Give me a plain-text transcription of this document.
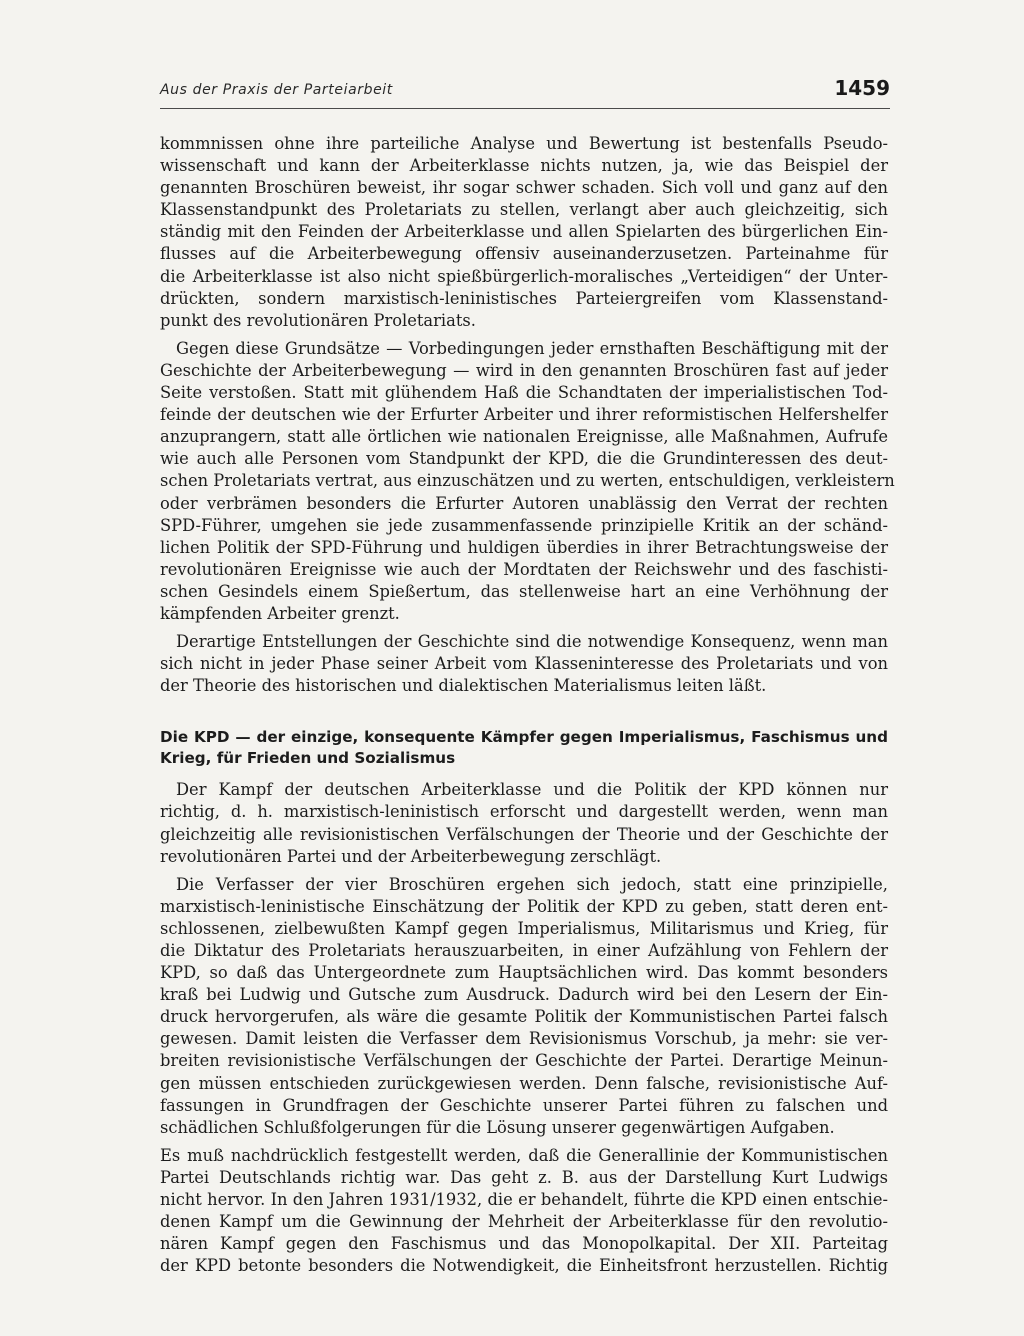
Aus der Praxis der Parteiarbeit	1459

kommnissen ohne ihre parteiliche Analyse und Bewertung ist bestenfalls Pseudo-
wissenschaft und kann der Arbeiterklasse nichts nutzen, ja, wie das Beispiel der
genannten Broschüren beweist, ihr sogar schwer schaden. Sich voll und ganz auf den
Klassenstandpunkt des Proletariats zu stellen, verlangt aber auch gleichzeitig, sich
ständig mit den Feinden der Arbeiterklasse und allen Spielarten des bürgerlichen Ein-
flusses auf die Arbeiterbewegung offensiv auseinanderzusetzen. Parteinahme für
die Arbeiterklasse ist also nicht spießbürgerlich-moralisches „Verteidigen“ der Unter-
drückten, sondern marxistisch-leninistisches Parteiergreifen vom Klassenstand-
punkt des revolutionären Proletariats.

Gegen diese Grundsätze — Vorbedingungen jeder ernsthaften Beschäftigung mit der
Geschichte der Arbeiterbewegung — wird in den genannten Broschüren fast auf jeder
Seite verstoßen. Statt mit glühendem Haß die Schandtaten der imperialistischen Tod-
feinde der deutschen wie der Erfurter Arbeiter und ihrer reformistischen Helfershelfer
anzuprangern, statt alle örtlichen wie nationalen Ereignisse, alle Maßnahmen, Aufrufe
wie auch alle Personen vom Standpunkt der KPD, die die Grundinteressen des deut-
schen Proletariats vertrat, aus einzuschätzen und zu werten, entschuldigen, verkleistern
oder verbrämen besonders die Erfurter Autoren unablässig den Verrat der rechten
SPD-Führer, umgehen sie jede zusammenfassende prinzipielle Kritik an der schänd-
lichen Politik der SPD-Führung und huldigen überdies in ihrer Betrachtungsweise der
revolutionären Ereignisse wie auch der Mordtaten der Reichswehr und des faschisti-
schen Gesindels einem Spießertum, das stellenweise hart an eine Verhöhnung der
kämpfenden Arbeiter grenzt.

Derartige Entstellungen der Geschichte sind die notwendige Konsequenz, wenn man
sich nicht in jeder Phase seiner Arbeit vom Klasseninteresse des Proletariats und von
der Theorie des historischen und dialektischen Materialismus leiten läßt.

Die KPD — der einzige, konsequente Kämpfer gegen Imperialismus, Faschismus und
Krieg, für Frieden und Sozialismus

Der Kampf der deutschen Arbeiterklasse und die Politik der KPD können nur
richtig, d. h. marxistisch-leninistisch erforscht und dargestellt werden, wenn man
gleichzeitig alle revisionistischen Verfälschungen der Theorie und der Geschichte der
revolutionären Partei und der Arbeiterbewegung zerschlägt.

Die Verfasser der vier Broschüren ergehen sich jedoch, statt eine prinzipielle,
marxistisch-leninistische Einschätzung der Politik der KPD zu geben, statt deren ent-
schlossenen, zielbewußten Kampf gegen Imperialismus, Militarismus und Krieg, für
die Diktatur des Proletariats herauszuarbeiten, in einer Aufzählung von Fehlern der
KPD, so daß das Untergeordnete zum Hauptsächlichen wird. Das kommt besonders
kraß bei Ludwig und Gutsche zum Ausdruck. Dadurch wird bei den Lesern der Ein-
druck hervorgerufen, als wäre die gesamte Politik der Kommunistischen Partei falsch
gewesen. Damit leisten die Verfasser dem Revisionismus Vorschub, ja mehr: sie ver-
breiten revisionistische Verfälschungen der Geschichte der Partei. Derartige Meinun-
gen müssen entschieden zurückgewiesen werden. Denn falsche, revisionistische Auf-
fassungen in Grundfragen der Geschichte unserer Partei führen zu falschen und
schädlichen Schlußfolgerungen für die Lösung unserer gegenwärtigen Aufgaben.

Es muß nachdrücklich festgestellt werden, daß die Generallinie der Kommunistischen
Partei Deutschlands richtig war. Das geht z. B. aus der Darstellung Kurt Ludwigs
nicht hervor. In den Jahren 1931/1932, die er behandelt, führte die KPD einen entschie-
denen Kampf um die Gewinnung der Mehrheit der Arbeiterklasse für den revolutio-
nären Kampf gegen den Faschismus und das Monopolkapital. Der XII. Parteitag
der KPD betonte besonders die Notwendigkeit, die Einheitsfront herzustellen. Richtig
